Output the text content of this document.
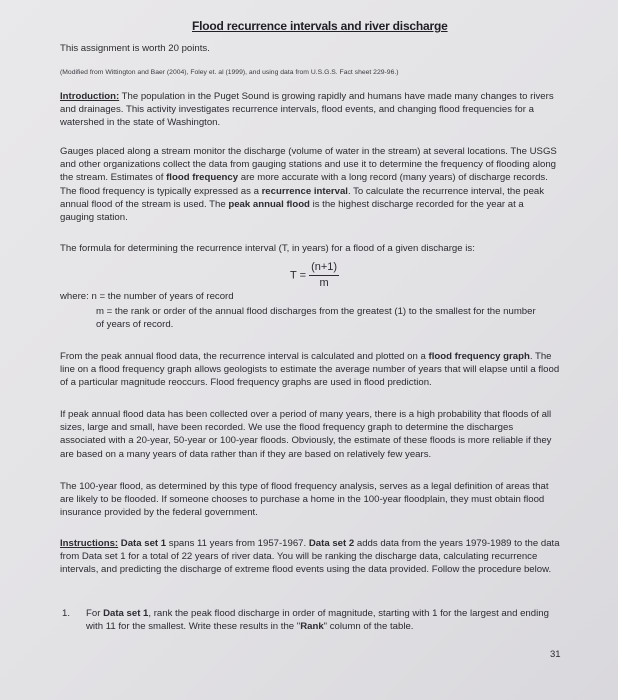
Flood recurrence intervals and river discharge

This assignment is worth 20 points.

(Modified from Wittington and Baer (2004), Foley et. al (1999), and using data from U.S.G.S. Fact sheet 229-96.)

Introduction: The population in the Puget Sound is growing rapidly and humans have made many changes to rivers and drainages. This activity investigates recurrence intervals, flood events, and changing flood frequencies for a watershed in the state of Washington.

Gauges placed along a stream monitor the discharge (volume of water in the stream) at several locations. The USGS and other organizations collect the data from gauging stations and use it to determine the frequency of flooding along the stream. Estimates of flood frequency are more accurate with a long record (many years) of discharge records. The flood frequency is typically expressed as a recurrence interval. To calculate the recurrence interval, the peak annual flood of the stream is used. The peak annual flood is the highest discharge recorded for the year at a gauging station.

The formula for determining the recurrence interval (T, in years) for a flood of a given discharge is:

$T = \frac{(n+1)}{m}$

where: n = the number of years of record

m = the rank or order of the annual flood discharges from the greatest (1) to the smallest for the number of years of record.

From the peak annual flood data, the recurrence interval is calculated and plotted on a flood frequency graph. The line on a flood frequency graph allows geologists to estimate the average number of years that will elapse until a flood of a particular magnitude reoccurs. Flood frequency graphs are used in flood prediction.

If peak annual flood data has been collected over a period of many years, there is a high probability that floods of all sizes, large and small, have been recorded. We use the flood frequency graph to determine the discharges associated with a 20-year, 50-year or 100-year floods. Obviously, the estimate of these floods is more reliable if they are based on a many years of data rather than if they are based on relatively few years.

The 100-year flood, as determined by this type of flood frequency analysis, serves as a legal definition of areas that are likely to be flooded. If someone chooses to purchase a home in the 100-year floodplain, they must obtain flood insurance provided by the federal government.

Instructions: Data set 1 spans 11 years from 1957-1967. Data set 2 adds data from the years 1979-1989 to the data from Data set 1 for a total of 22 years of river data. You will be ranking the discharge data, calculating recurrence intervals, and predicting the discharge of extreme flood events using the data provided. Follow the procedure below.

1. For Data set 1, rank the peak flood discharge in order of magnitude, starting with 1 for the largest and ending with 11 for the smallest. Write these results in the "Rank" column of the table.

31
